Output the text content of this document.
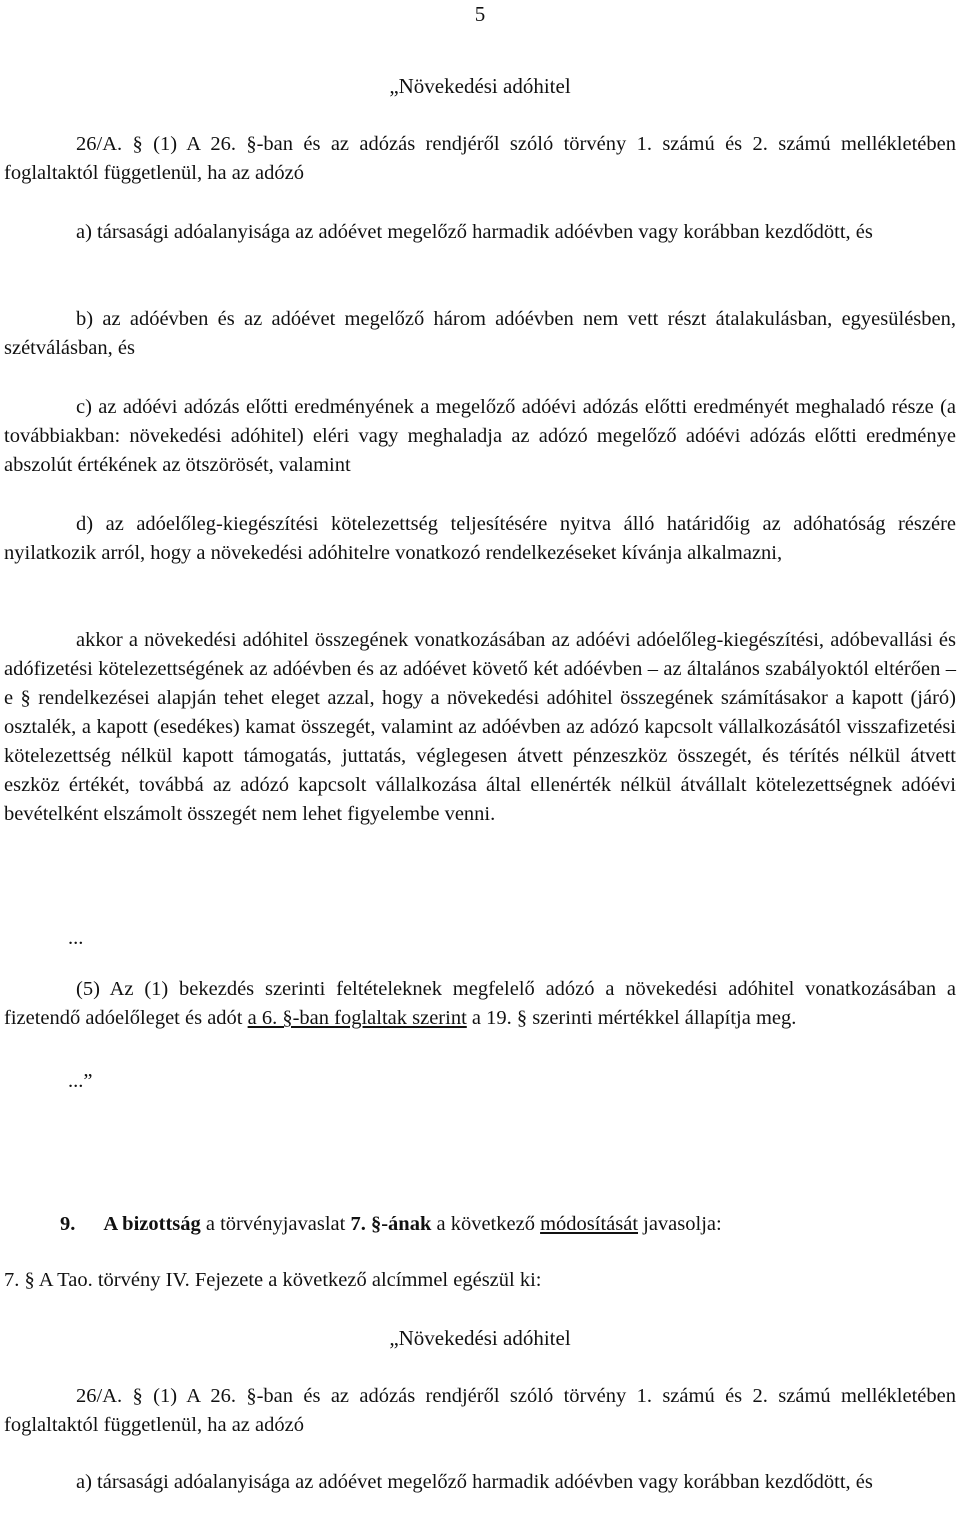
5
„Növekedési adóhitel

26/A. § (1) A 26. §-ban és az adózás rendjéről szóló törvény 1. számú és 2. számú mellékletében foglaltaktól függetlenül, ha az adózó

a) társasági adóalanyisága az adóévet megelőző harmadik adóévben vagy korábban kezdődött, és

b) az adóévben és az adóévet megelőző három adóévben nem vett részt átalakulásban, egyesülésben, szétválásban, és

c) az adóévi adózás előtti eredményének a megelőző adóévi adózás előtti eredményét meghaladó része (a továbbiakban: növekedési adóhitel) eléri vagy meghaladja az adózó megelőző adóévi adózás előtti eredménye abszolút értékének az ötszörösét, valamint

d) az adóelőleg-kiegészítési kötelezettség teljesítésére nyitva álló határidőig az adóhatóság részére nyilatkozik arról, hogy a növekedési adóhitelre vonatkozó rendelkezéseket kívánja alkalmazni,

akkor a növekedési adóhitel összegének vonatkozásában az adóévi adóelőleg-kiegészítési, adóbevallási és adófizetési kötelezettségének az adóévben és az adóévet követő két adóévben – az általános szabályoktól eltérően – e § rendelkezései alapján tehet eleget azzal, hogy a növekedési adóhitel összegének számításakor a kapott (járó) osztalék, a kapott (esedékes) kamat összegét, valamint az adóévben az adózó kapcsolt vállalkozásától visszafizetési kötelezettség nélkül kapott támogatás, juttatás, véglegesen átvett pénzeszköz összegét, és térítés nélkül átvett eszköz értékét, továbbá az adózó kapcsolt vállalkozása által ellenérték nélkül átvállalt kötelezettségnek adóévi bevételként elszámolt összegét nem lehet figyelembe venni.

...

(5) Az (1) bekezdés szerinti feltételeknek megfelelő adózó a növekedési adóhitel vonatkozásában a fizetendő adóelőleget és adót a 6. §-ban foglaltak szerint a 19. § szerinti mértékkel állapítja meg.

...”
9. A bizottság a törvényjavaslat 7. §-ának a következő módosítását javasolja:
7. § A Tao. törvény IV. Fejezete a következő alcímmel egészül ki:
„Növekedési adóhitel

26/A. § (1) A 26. §-ban és az adózás rendjéről szóló törvény 1. számú és 2. számú mellékletében foglaltaktól függetlenül, ha az adózó

a) társasági adóalanyisága az adóévet megelőző harmadik adóévben vagy korábban kezdődött, és
